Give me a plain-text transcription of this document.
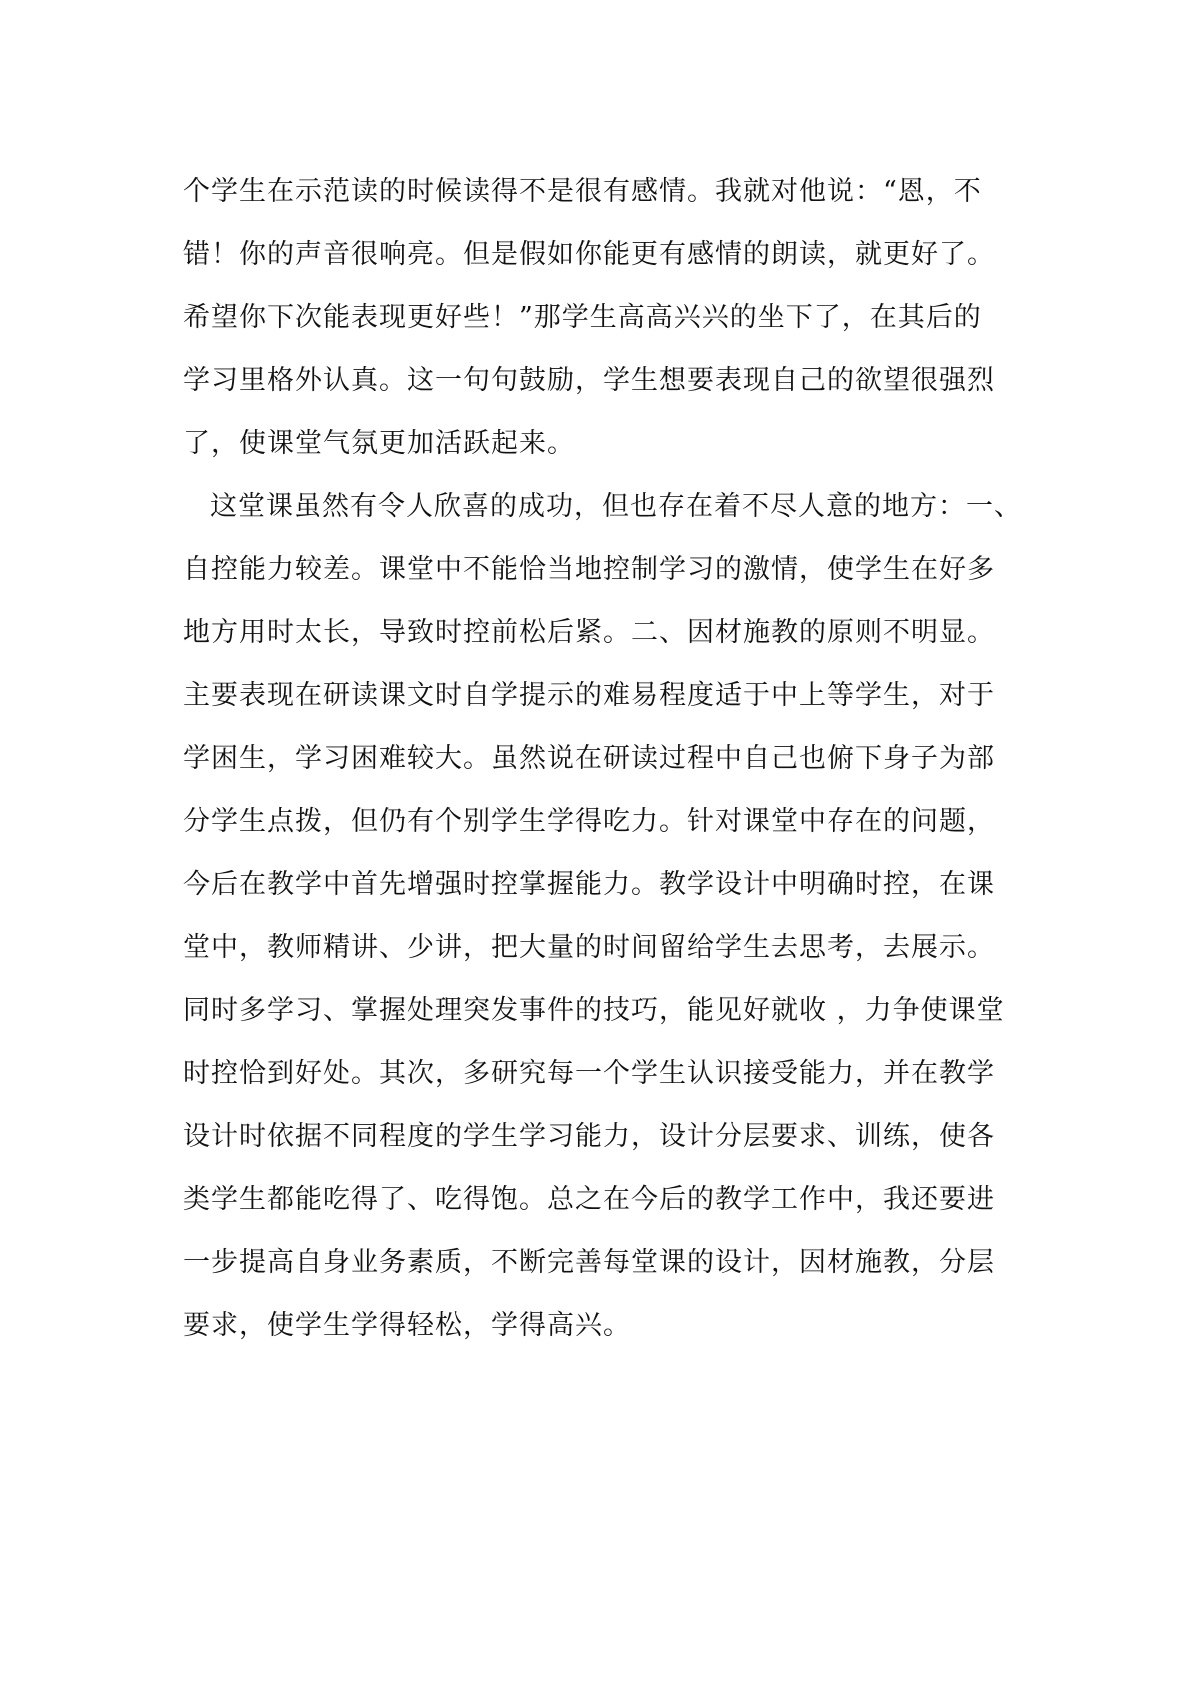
个学生在示范读的时候读得不是很有感情。我就对他说：“恩，不
错！你的声音很响亮。但是假如你能更有感情的朗读，就更好了。
希望你下次能表现更好些！”那学生高高兴兴的坐下了，在其后的
学习里格外认真。这一句句鼓励，学生想要表现自己的欲望很强烈
了，使课堂气氛更加活跃起来。
这堂课虽然有令人欣喜的成功，但也存在着不尽人意的地方：一、
自控能力较差。课堂中不能恰当地控制学习的激情，使学生在好多
地方用时太长，导致时控前松后紧。二、因材施教的原则不明显。
主要表现在研读课文时自学提示的难易程度适于中上等学生，对于
学困生，学习困难较大。虽然说在研读过程中自己也俯下身子为部
分学生点拨，但仍有个别学生学得吃力。针对课堂中存在的问题，
今后在教学中首先增强时控掌握能力。教学设计中明确时控，在课
堂中，教师精讲、少讲，把大量的时间留给学生去思考，去展示。
同时多学习、掌握处理突发事件的技巧，能见好就收 ，力争使课堂
时控恰到好处。其次，多研究每一个学生认识接受能力，并在教学
设计时依据不同程度的学生学习能力，设计分层要求、训练，使各
类学生都能吃得了、吃得饱。总之在今后的教学工作中，我还要进
一步提高自身业务素质，不断完善每堂课的设计，因材施教，分层
要求，使学生学得轻松，学得高兴。
